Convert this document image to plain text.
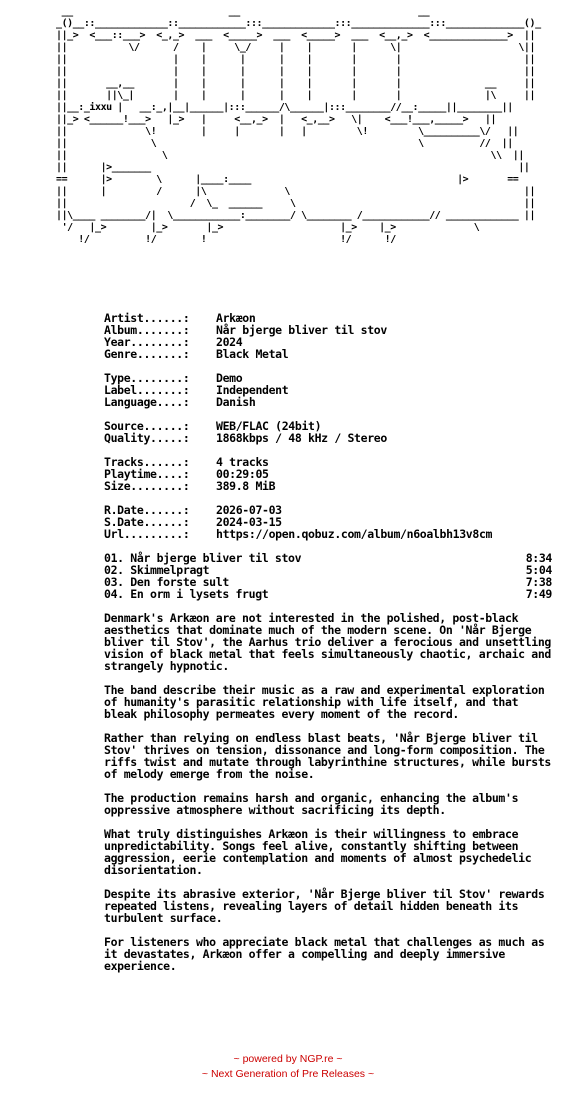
__                            __                                __
_()__::_____________::____________:::_____________:::______________:::______________()_
||_>  <___::___>  <_,_>  ___  <_____>  ___  <_____>  ___  <__,_>  <______________>  ||
||           \/      /    |     \_/     |    |       |      \|                     \||
||                   |    |      |      |    |       |       |                      ||
||                   |    |      |      |    |       |       |                      ||
||       __,__       |    |      |      |    |       |       |               __     ||
||       ||\_|       |    |      |      |    |       |       |               |\     ||
||__:_ixxu |   __:_,|__|______|:::______/\______|:::________//__:_____||________||
||_> <______!___>   |_>   |     <__,_>  |   <_,__>   \|    <___!___,_____>   ||
||              \!        |     |       |   |         \!         \__________\/   ||
||               \                                               \          //  ||
||                 \                                                          \\  ||
||      |>_______                                                                  ||
==      |>        \      |____:____                                     |>       ==
||      |         /      |\              \                                          ||
||                      /  \_  ______     \                                         ||
||\____ ________/|  \____________:________/ \________ /____________// _____________ ||
'/   |_>        |_>       |_>                     |_>    |_>              \
!/          !/        !                        !/      !/
Artist......:	Arkæon
Album.......:	Når bjerge bliver til stov
Year........:	2024
Genre.......:	Black Metal
Type........:	Demo
Label.......:	Independent
Language....:	Danish
Source......:	WEB/FLAC (24bit)
Quality.....:	1868kbps / 48 kHz / Stereo
Tracks......:	4 tracks
Playtime....:	00:29:05
Size........:	389.8 MiB
R.Date......:	2026-07-03
S.Date......:	2024-03-15
Url.........:	https://open.qobuz.com/album/n6oalbh13v8cm
01. Når bjerge bliver til stov	8:34
02. Skimmelpragt	5:04
03. Den forste sult	7:38
04. En orm i lysets frugt	7:49

Denmark's Arkæon are not interested in the polished, post-black aesthetics that dominate much of the modern scene. On 'Når Bjerge bliver til Stov', the Aarhus trio deliver a ferocious and unsettling vision of black metal that feels simultaneously chaotic, archaic and strangely hypnotic.

The band describe their music as a raw and experimental exploration of humanity's parasitic relationship with life itself, and that bleak philosophy permeates every moment of the record.

Rather than relying on endless blast beats, 'Når Bjerge bliver til Stov' thrives on tension, dissonance and long-form composition. The riffs twist and mutate through labyrinthine structures, while bursts of melody emerge from the noise.

The production remains harsh and organic, enhancing the album's oppressive atmosphere without sacrificing its depth.

What truly distinguishes Arkæon is their willingness to embrace unpredictability. Songs feel alive, constantly shifting between aggression, eerie contemplation and moments of almost psychedelic disorientation.

Despite its abrasive exterior, 'Når Bjerge bliver til Stov' rewards repeated listens, revealing layers of detail hidden beneath its turbulent surface.

For listeners who appreciate black metal that challenges as much as it devastates, Arkæon offer a compelling and deeply immersive experience.

~ powered by NGP.re ~
~ Next Generation of Pre Releases ~
